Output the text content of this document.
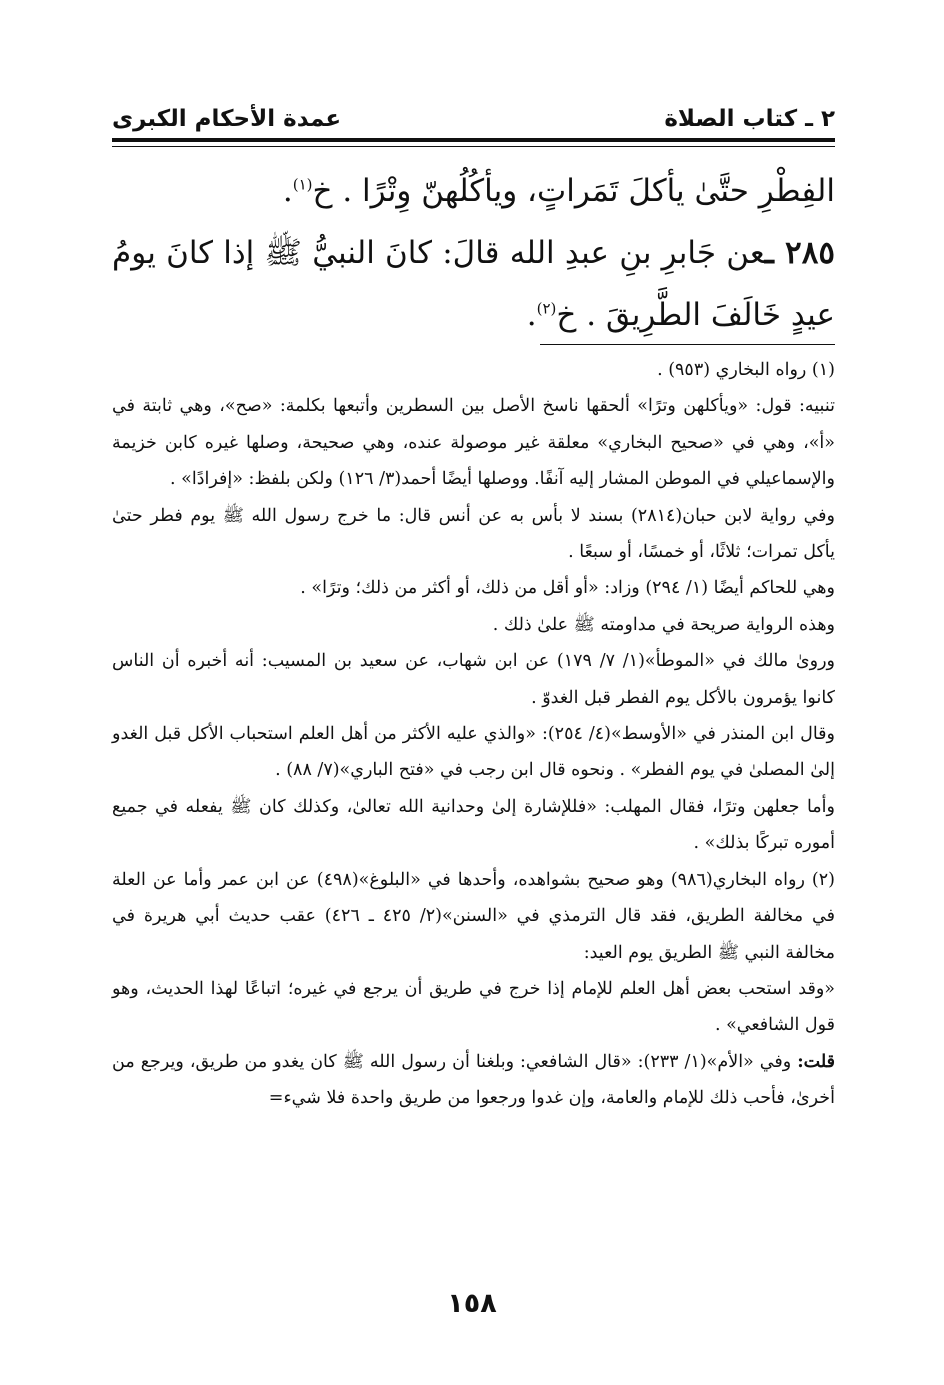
٢ ـ كتاب الصلاة
عمدة الأحكام الكبرى

الفِطْرِ حتَّىٰ يأكلَ تَمَراتٍ، ويأكُلُهنّ وِتْرًا . خ$^{(١)}$.

٢٨٥ ـعن جَابرِ بنِ عبدِ الله قالَ: كانَ النبيُّ ﷺ إذا كانَ يومُ عيدٍ خَالَفَ الطَّرِيقَ . خ$^{(٢)}$.

(١) رواه البخاري (٩٥٣) .

تنبيه: قول: «ويأكلهن وترًا» ألحقها ناسخ الأصل بين السطرين وأتبعها بكلمة: «صح»، وهي ثابتة في «أ»، وهي في «صحيح البخاري» معلقة غير موصولة عنده، وهي صحيحة، وصلها غيره كابن خزيمة والإسماعيلي في الموطن المشار إليه آنفًا. ووصلها أيضًا أحمد(٣/ ١٢٦) ولكن بلفظ: «إفرادًا» .

وفي رواية لابن حبان(٢٨١٤) بسند لا بأس به عن أنس قال: ما خرج رسول الله ﷺ يوم فطر حتىٰ يأكل تمرات؛ ثلاثًا، أو خمسًا، أو سبعًا .

وهي للحاكم أيضًا (١/ ٢٩٤) وزاد: «أو أقل من ذلك، أو أكثر من ذلك؛ وترًا» .

وهذه الرواية صريحة في مداومته ﷺ علىٰ ذلك .

وروىٰ مالك في «الموطأ»(١/ ٧/ ١٧٩) عن ابن شهاب، عن سعيد بن المسيب: أنه أخبره أن الناس كانوا يؤمرون بالأكل يوم الفطر قبل الغدوّ .

وقال ابن المنذر في «الأوسط»(٤/ ٢٥٤): «والذي عليه الأكثر من أهل العلم استحباب الأكل قبل الغدو إلىٰ المصلىٰ في يوم الفطر» . ونحوه قال ابن رجب في «فتح الباري»(٧/ ٨٨) .

وأما جعلهن وترًا، فقال المهلب: «فللإشارة إلىٰ وحدانية الله تعالىٰ، وكذلك كان ﷺ يفعله في جميع أموره تبركًا بذلك» .

(٢) رواه البخاري(٩٨٦) وهو صحيح بشواهده، وأحدها في «البلوغ»(٤٩٨) عن ابن عمر وأما عن العلة في مخالفة الطريق، فقد قال الترمذي في «السنن»(٢/ ٤٢٥ ـ ٤٢٦) عقب حديث أبي هريرة في مخالفة النبي ﷺ الطريق يوم العيد:

«وقد استحب بعض أهل العلم للإمام إذا خرج في طريق أن يرجع في غيره؛ اتباعًا لهذا الحديث، وهو قول الشافعي» .

قلت: وفي «الأم»(١/ ٢٣٣): «قال الشافعي: وبلغنا أن رسول الله ﷺ كان يغدو من طريق، ويرجع من أخرىٰ، فأحب ذلك للإمام والعامة، وإن غدوا ورجعوا من طريق واحدة فلا شيء=

١٥٨
